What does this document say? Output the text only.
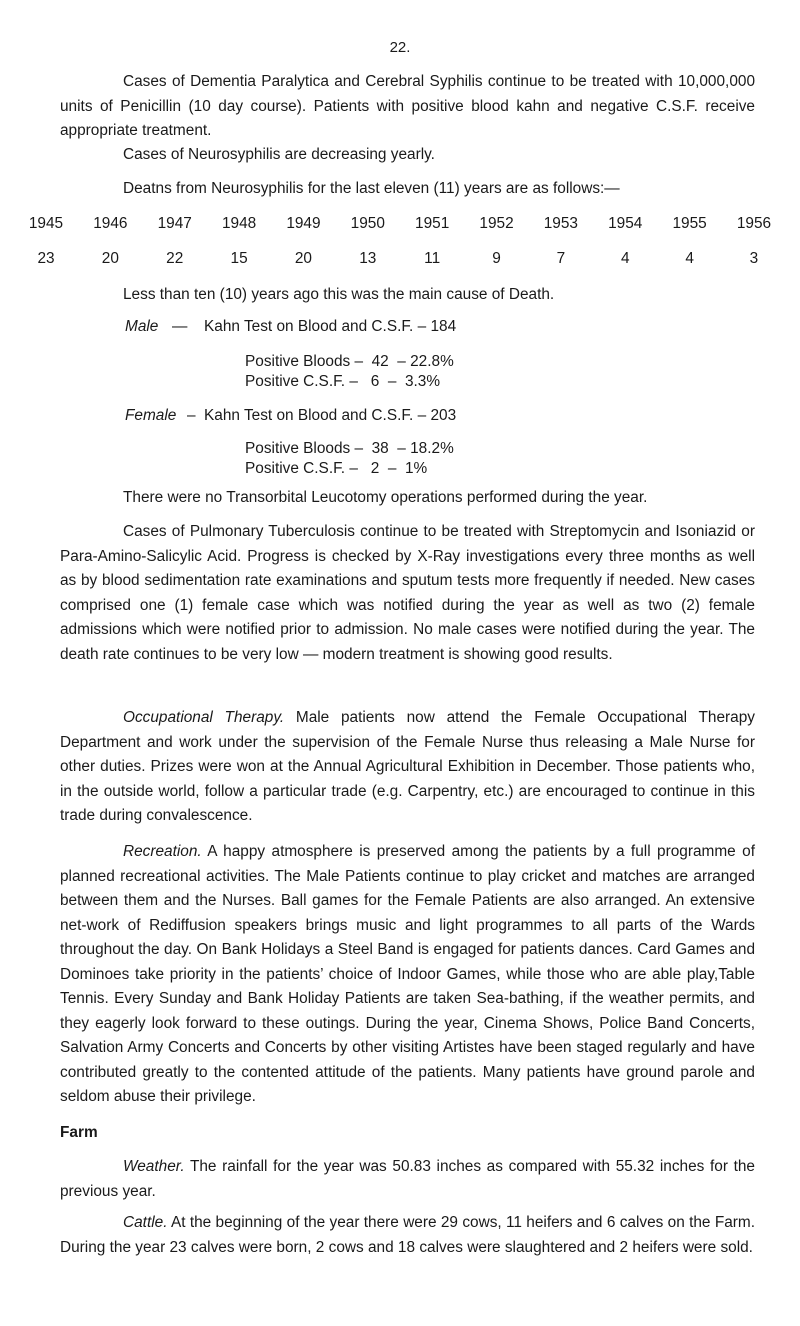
22.

Cases of Dementia Paralytica and Cerebral Syphilis continue to be treated with 10,000,000 units of Penicillin (10 day course). Patients with positive blood kahn and negative C.S.F. receive appropriate treatment.

Cases of Neurosyphilis are decreasing yearly.

Deatns from Neurosyphilis for the last eleven (11) years are as follows:—

1945	1946	1947	1948	1949	1950	1951	1952	1953	1954	1955	1956
23	20	22	15	20	13	11	9	7	4	4	3

Less than ten (10) years ago this was the main cause of Death.

Male — Kahn Test on Blood and C.S.F. – 184
Positive Bloods –  42  – 22.8%
Positive C.S.F. –   6  –  3.3%
Female – Kahn Test on Blood and C.S.F. – 203
Positive Bloods –  38  – 18.2%
Positive C.S.F. –   2  –  1%

There were no Transorbital Leucotomy operations performed during the year.

Cases of Pulmonary Tuberculosis continue to be treated with Streptomycin and Isoniazid or Para-Amino-Salicylic Acid. Progress is checked by X-Ray investigations every three months as well as by blood sedimentation rate examinations and sputum tests more frequently if needed. New cases comprised one (1) female case which was notified during the year as well as two (2) female admissions which were notified prior to admission. No male cases were notified during the year. The death rate continues to be very low — modern treatment is showing good results.

Occupational Therapy. Male patients now attend the Female Occupational Therapy Department and work under the supervision of the Female Nurse thus releasing a Male Nurse for other duties. Prizes were won at the Annual Agricultural Exhibition in December. Those patients who, in the outside world, follow a particular trade (e.g. Carpentry, etc.) are encouraged to continue in this trade during convalescence.

Recreation. A happy atmosphere is preserved among the patients by a full programme of planned recreational activities. The Male Patients continue to play cricket and matches are arranged between them and the Nurses. Ball games for the Female Patients are also arranged. An extensive net-work of Rediffusion speakers brings music and light programmes to all parts of the Wards throughout the day. On Bank Holidays a Steel Band is engaged for patients dances. Card Games and Dominoes take priority in the patients’ choice of Indoor Games, while those who are able play,Table Tennis. Every Sunday and Bank Holiday Patients are taken Sea-bathing, if the weather permits, and they eagerly look forward to these outings. During the year, Cinema Shows, Police Band Concerts, Salvation Army Concerts and Concerts by other visiting Artistes have been staged regularly and have contributed greatly to the contented attitude of the patients. Many patients have ground parole and seldom abuse their privilege.

Farm

Weather. The rainfall for the year was 50.83 inches as compared with 55.32 inches for the previous year.

Cattle. At the beginning of the year there were 29 cows, 11 heifers and 6 calves on the Farm. During the year 23 calves were born, 2 cows and 18 calves were slaughtered and 2 heifers were sold.
